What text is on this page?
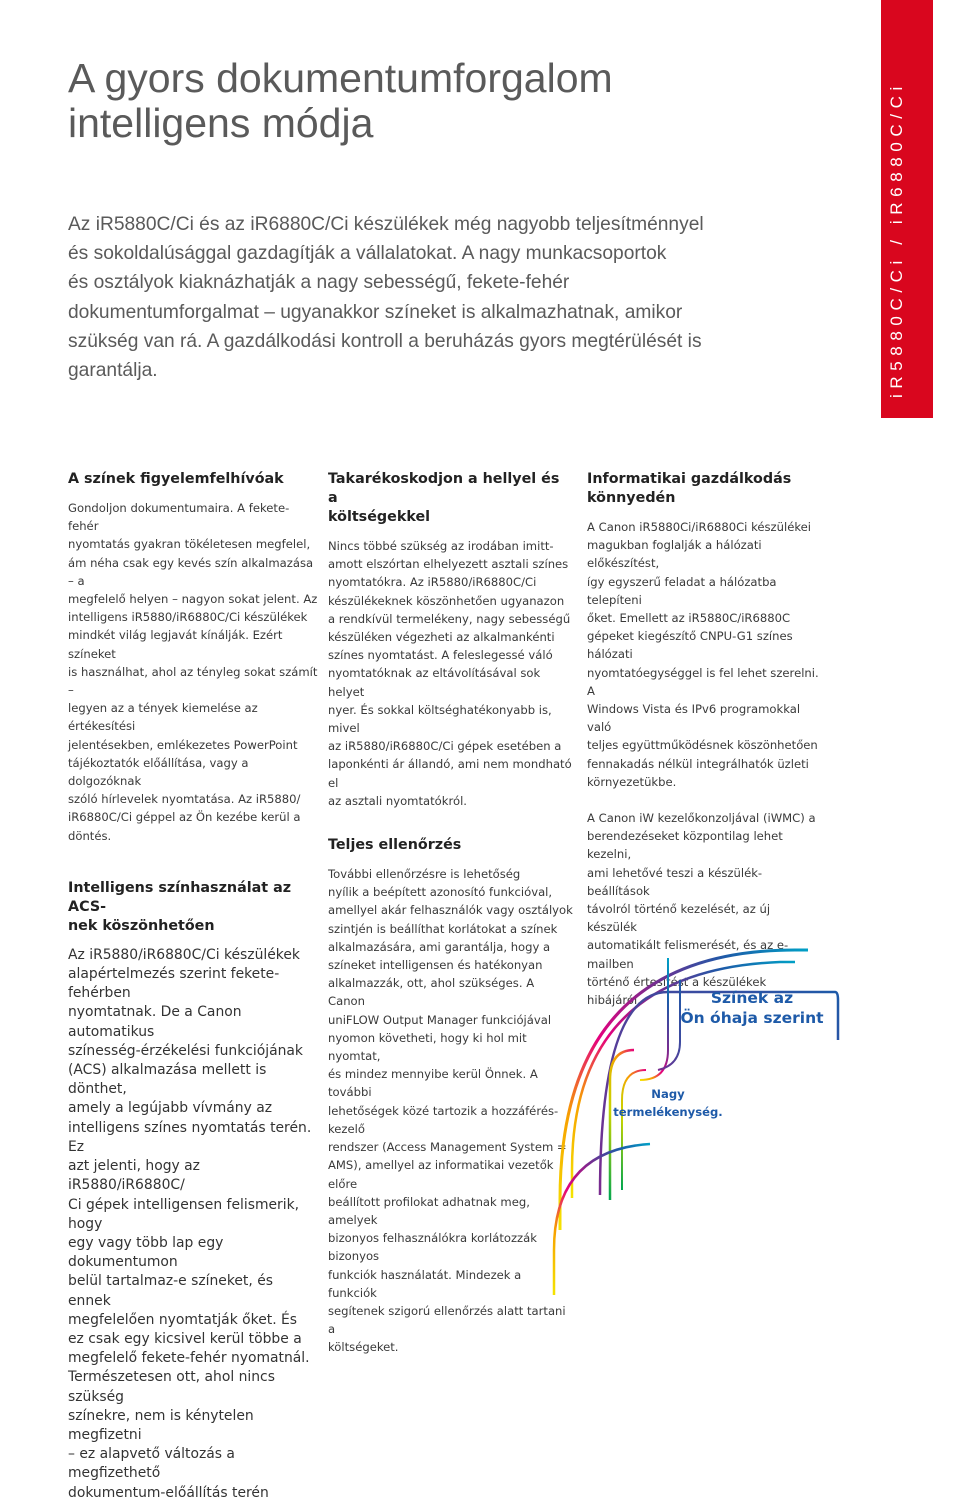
A gyors dokumentumforgalom
intelligens módja

Az iR5880C/Ci és az iR6880C/Ci készülékek még nagyobb teljesítménnyel
és sokoldalúsággal gazdagítják a vállalatokat. A nagy munkacsoportok
és osztályok kiaknázhatják a nagy sebességű, fekete-fehér
dokumentumforgalmat – ugyanakkor színeket is alkalmazhatnak, amikor
szükség van rá. A gazdálkodási kontroll a beruházás gyors megtérülését is
garantálja.	iR5880C/Ci / iR6880C/Ci
A színek figyelemfelhívóak

Gondoljon dokumentumaira. A fekete-fehér
nyomtatás gyakran tökéletesen megfelel,
ám néha csak egy kevés szín alkalmazása – a
megfelelő helyen – nagyon sokat jelent. Az
intelligens iR5880/iR6880C/Ci készülékek
mindkét világ legjavát kínálják. Ezért színeket
is használhat, ahol az tényleg sokat számít –
legyen az a tények kiemelése az értékesítési
jelentésekben, emlékezetes PowerPoint
tájékoztatók előállítása, vagy a dolgozóknak
szóló hírlevelek nyomtatása. Az iR5880/
iR6880C/Ci géppel az Ön kezébe kerül a
döntés.

Intelligens színhasználat az ACS-
nek köszönhetően

Az iR5880/iR6880C/Ci készülékek
alapértelmezés szerint fekete-fehérben
nyomtatnak. De a Canon automatikus
színesség-érzékelési funkciójának
(ACS) alkalmazása mellett is dönthet,
amely a legújabb vívmány az
intelligens színes nyomtatás terén. Ez
azt jelenti, hogy az iR5880/iR6880C/
Ci gépek intelligensen felismerik, hogy
egy vagy több lap egy dokumentumon
belül tartalmaz-e színeket, és ennek
megfelelően nyomtatják őket. És
ez csak egy kicsivel kerül többe a
megfelelő fekete-fehér nyomatnál.
Természetesen ott, ahol nincs szükség
színekre, nem is kénytelen megfizetni
– ez alapvető változás a megfizethető
dokumentum-előállítás terén

Takarékoskodjon a hellyel és a
költségekkel

Nincs többé szükség az irodában imitt-
amott elszórtan elhelyezett asztali színes
nyomtatókra. Az iR5880/iR6880C/Ci
készülékeknek köszönhetően ugyanazon
a rendkívül termelékeny, nagy sebességű
készüléken végezheti az alkalmankénti
színes nyomtatást. A feleslegessé váló
nyomtatóknak az eltávolításával sok helyet
nyer. És sokkal költséghatékonyabb is, mivel
az iR5880/iR6880C/Ci gépek esetében a
laponkénti ár állandó, ami nem mondható el
az asztali nyomtatókról.

Teljes ellenőrzés

További ellenőrzésre is lehetőség
nyílik a beépített azonosító funkcióval,
amellyel akár felhasználók vagy osztályok
szintjén is beállíthat korlátokat a színek
alkalmazására, ami garantálja, hogy a
színeket intelligensen és hatékonyan
alkalmazzák, ott, ahol szükséges. A Canon
uniFLOW Output Manager funkciójával
nyomon követheti, hogy ki hol mit nyomtat,
és mindez mennyibe kerül Önnek. A további
lehetőségek közé tartozik a hozzáférés-kezelő
rendszer (Access Management System =
AMS), amellyel az informatikai vezetők előre
beállított profilokat adhatnak meg, amelyek
bizonyos felhasználókra korlátozzák bizonyos
funkciók használatát. Mindezek a funkciók
segítenek szigorú ellenőrzés alatt tartani a
költségeket.

Informatikai gazdálkodás
könnyedén

A Canon iR5880Ci/iR6880Ci készülékei
magukban foglalják a hálózati előkészítést,
így egyszerű feladat a hálózatba telepíteni
őket. Emellett az iR5880C/iR6880C
gépeket kiegészítő CNPU-G1 színes hálózati
nyomtatóegységgel is fel lehet szerelni. A
Windows Vista és IPv6 programokkal való
teljes együttműködésnek köszönhetően
fennakadás nélkül integrálhatók üzleti
környezetükbe.

A Canon iW kezelőkonzoljával (iWMC) a
berendezéseket központilag lehet kezelni,
ami lehetővé teszi a készülék-beállítások
távolról történő kezelését, az új készülék
automatikált felismerését, és az e-mailben
történő értesítést a készülékek hibájáról.	Színek az
Ön óhaja szerint

Nagy
termelékenység.
